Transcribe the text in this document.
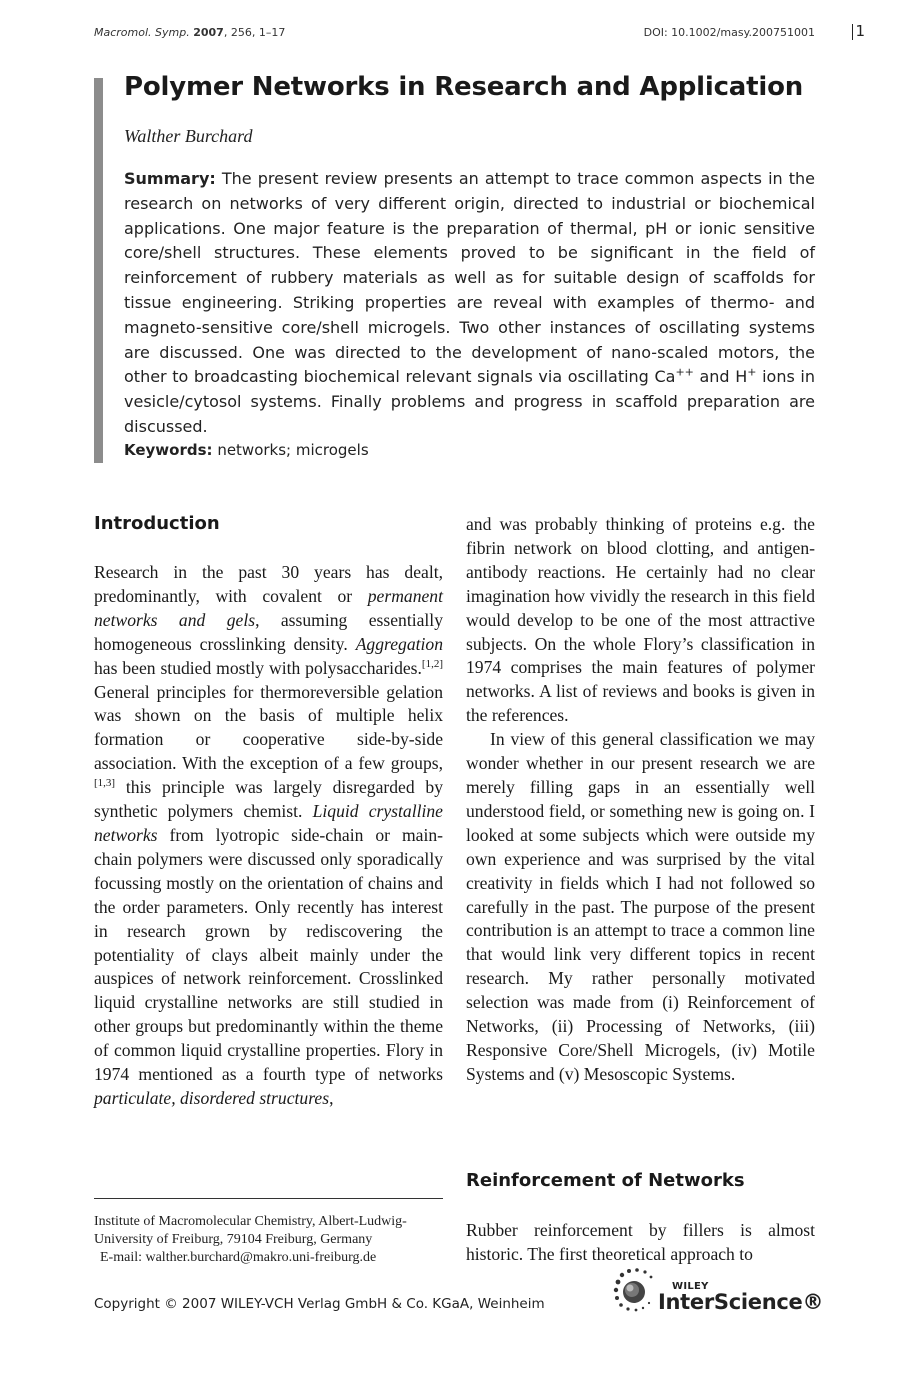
Macromol. Symp. 2007, 256, 1–17	DOI: 10.1002/masy.200751001	1
Polymer Networks in Research and Application
Walther Burchard

Summary: The present review presents an attempt to trace common aspects in the research on networks of very different origin, directed to industrial or biochemical applications. One major feature is the preparation of thermal, pH or ionic sensitive core/shell structures. These elements proved to be significant in the field of reinforcement of rubbery materials as well as for suitable design of scaffolds for tissue engineering. Striking properties are reveal with examples of thermo- and magneto-sensitive core/shell microgels. Two other instances of oscillating systems are discussed. One was directed to the development of nano-scaled motors, the other to broadcasting biochemical relevant signals via oscillating Ca++ and H+ ions in vesicle/cytosol systems. Finally problems and progress in scaffold preparation are discussed.

Keywords: networks; microgels
Introduction

Research in the past 30 years has dealt, predominantly, with covalent or permanent networks and gels, assuming essentially homogeneous crosslinking density. Aggregation has been studied mostly with polysaccharides.[1,2] General principles for thermoreversible gelation was shown on the basis of multiple helix formation or cooperative side-by-side association. With the exception of a few groups,[1,3] this principle was largely disregarded by synthetic polymers chemist. Liquid crystalline networks from lyotropic side-chain or main-chain polymers were discussed only sporadically focussing mostly on the orientation of chains and the order parameters. Only recently has interest in research grown by rediscovering the potentiality of clays albeit mainly under the auspices of network reinforcement. Crosslinked liquid crystalline networks are still studied in other groups but predominantly within the theme of common liquid crystalline properties. Flory in 1974 mentioned as a fourth type of networks particulate, disordered structures,

and was probably thinking of proteins e.g. the fibrin network on blood clotting, and antigen-antibody reactions. He certainly had no clear imagination how vividly the research in this field would develop to be one of the most attractive subjects. On the whole Flory’s classification in 1974 comprises the main features of polymer networks. A list of reviews and books is given in the references.

In view of this general classification we may wonder whether in our present research we are merely filling gaps in an essentially well understood field, or something new is going on. I looked at some subjects which were outside my own experience and was surprised by the vital creativity in fields which I had not followed so carefully in the past. The purpose of the present contribution is an attempt to trace a common line that would link very different topics in recent research. My rather personally motivated selection was made from (i) Reinforcement of Networks, (ii) Processing of Networks, (iii) Responsive Core/Shell Microgels, (iv) Motile Systems and (v) Mesoscopic Systems.

Reinforcement of Networks

Rubber reinforcement by fillers is almost historic. The first theoretical approach to

Institute of Macromolecular Chemistry, Albert-Ludwig-University of Freiburg, 79104 Freiburg, Germany
E-mail: walther.burchard@makro.uni-freiburg.de
Copyright © 2007 WILEY-VCH Verlag GmbH & Co. KGaA, Weinheim
WILEY
InterScience®
